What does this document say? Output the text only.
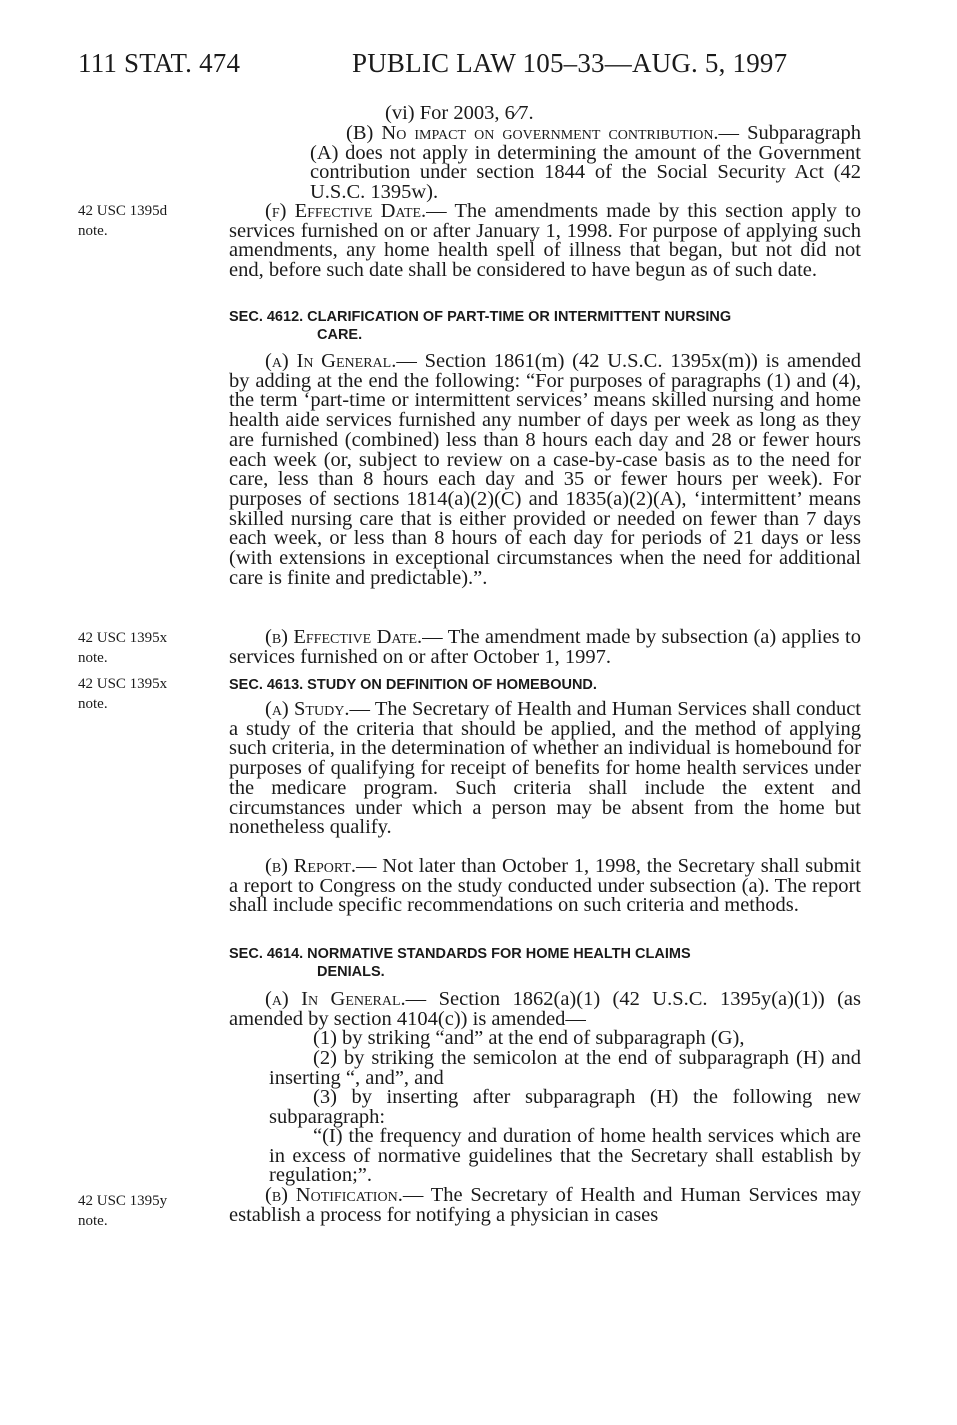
111 STAT. 474	PUBLIC LAW 105–33—AUG. 5, 1997
42 USC 1395d
note.
42 USC 1395x
note.
42 USC 1395x
note.
42 USC 1395y
note.

(vi) For 2003, 6⁄7.

(B) No impact on government contribution.— Subparagraph (A) does not apply in determining the amount of the Government contribution under section 1844 of the Social Security Act (42 U.S.C. 1395w).

(f) Effective Date.— The amendments made by this section apply to services furnished on or after January 1, 1998. For purpose of applying such amendments, any home health spell of illness that began, but not did not end, before such date shall be considered to have begun as of such date.

SEC. 4612. CLARIFICATION OF PART-TIME OR INTERMITTENT NURSING
CARE.

(a) In General.— Section 1861(m) (42 U.S.C. 1395x(m)) is amended by adding at the end the following: “For purposes of paragraphs (1) and (4), the term ‘part-time or intermittent services’ means skilled nursing and home health aide services furnished any number of days per week as long as they are furnished (combined) less than 8 hours each day and 28 or fewer hours each week (or, subject to review on a case-by-case basis as to the need for care, less than 8 hours each day and 35 or fewer hours per week). For purposes of sections 1814(a)(2)(C) and 1835(a)(2)(A), ‘intermittent’ means skilled nursing care that is either provided or needed on fewer than 7 days each week, or less than 8 hours of each day for periods of 21 days or less (with extensions in exceptional circumstances when the need for additional care is finite and predictable).”.

(b) Effective Date.— The amendment made by subsection (a) applies to services furnished on or after October 1, 1997.

SEC. 4613. STUDY ON DEFINITION OF HOMEBOUND.

(a) Study.— The Secretary of Health and Human Services shall conduct a study of the criteria that should be applied, and the method of applying such criteria, in the determination of whether an individual is homebound for purposes of qualifying for receipt of benefits for home health services under the medicare program. Such criteria shall include the extent and circumstances under which a person may be absent from the home but nonetheless qualify.

(b) Report.— Not later than October 1, 1998, the Secretary shall submit a report to Congress on the study conducted under subsection (a). The report shall include specific recommendations on such criteria and methods.

SEC. 4614. NORMATIVE STANDARDS FOR HOME HEALTH CLAIMS
DENIALS.

(a) In General.— Section 1862(a)(1) (42 U.S.C. 1395y(a)(1)) (as amended by section 4104(c)) is amended—

(1) by striking “and” at the end of subparagraph (G),

(2) by striking the semicolon at the end of subparagraph (H) and inserting “, and”, and

(3) by inserting after subparagraph (H) the following new subparagraph:

“(I) the frequency and duration of home health services which are in excess of normative guidelines that the Secretary shall establish by regulation;”.

(b) Notification.— The Secretary of Health and Human Services may establish a process for notifying a physician in cases
